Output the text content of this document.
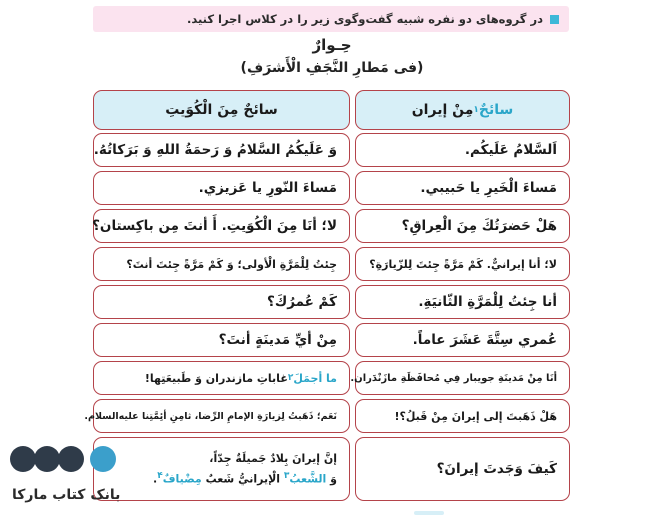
در گروه‌های دو نفره شبیه گفت‌وگوی زیر را در کلاس اجرا کنید.
حِـوارٌ
(فی مَطارِ النَّجَفِ الْأَشرَفِ)
سائحٌ
۱
مِنْ إيران
سائحٌ مِنَ الْكُوَيتِ
اَلسَّلامُ عَلَيكُم.
وَ عَلَيكُمُ السَّلامُ وَ رَحمَةُ اللهِ وَ بَرَكاتُهُ.
مَساءَ الْخَيرِ يا حَبيبي.
مَساءَ النّورِ يا عَزيزي.
هَلْ حَضرَتُكَ مِنَ الْعِراقِ؟
لا؛ أنَا مِنَ الْكُوَيتِ. أَ أنتَ مِن باكِستان؟
لا؛ أنا إيرانيٌّ. كَمْ مَرَّةً جِئتَ لِلزّيارَةِ؟
جِئتُ لِلْمَرَّةِ الْأولی؛ وَ كَمْ مَرَّةً جِئتَ أنتَ؟
أنا جِئتُ لِلْمَرَّةِ الثّانيَةِ.
كَمْ عُمرُكَ؟
عُمري سِتَّةَ عَشَرَ عاماً.
مِنْ أيِّ مَدينَةٍ أنتَ؟
أنَا مِنْ مَدينَةِ جويبار فِي مُحافَظَةِ مازَنْدَران.
ما أجمَلَ
۲
غاباتِ مازندران وَ طَبيعَتِها!
هَلْ ذَهَبتَ إلی إيرانَ مِنْ قَبلُ؟!
نَعَم؛ ذَهَبتُ لِزيارَةِ الإمامِ الرِّضا، ثامِنِ أئِمَّتِنا عليه‌السلام.
كَيفَ وَجَدتَ إيرانَ؟
إنَّ إيرانَ بِلادٌ جَميلَةٌ جِدّاً،
وَ الشَّعبُ$^۳$ الْإيرانيُّ شَعبٌ مِضْيافٌ$^۴$.
بانک کتاب مارکا
